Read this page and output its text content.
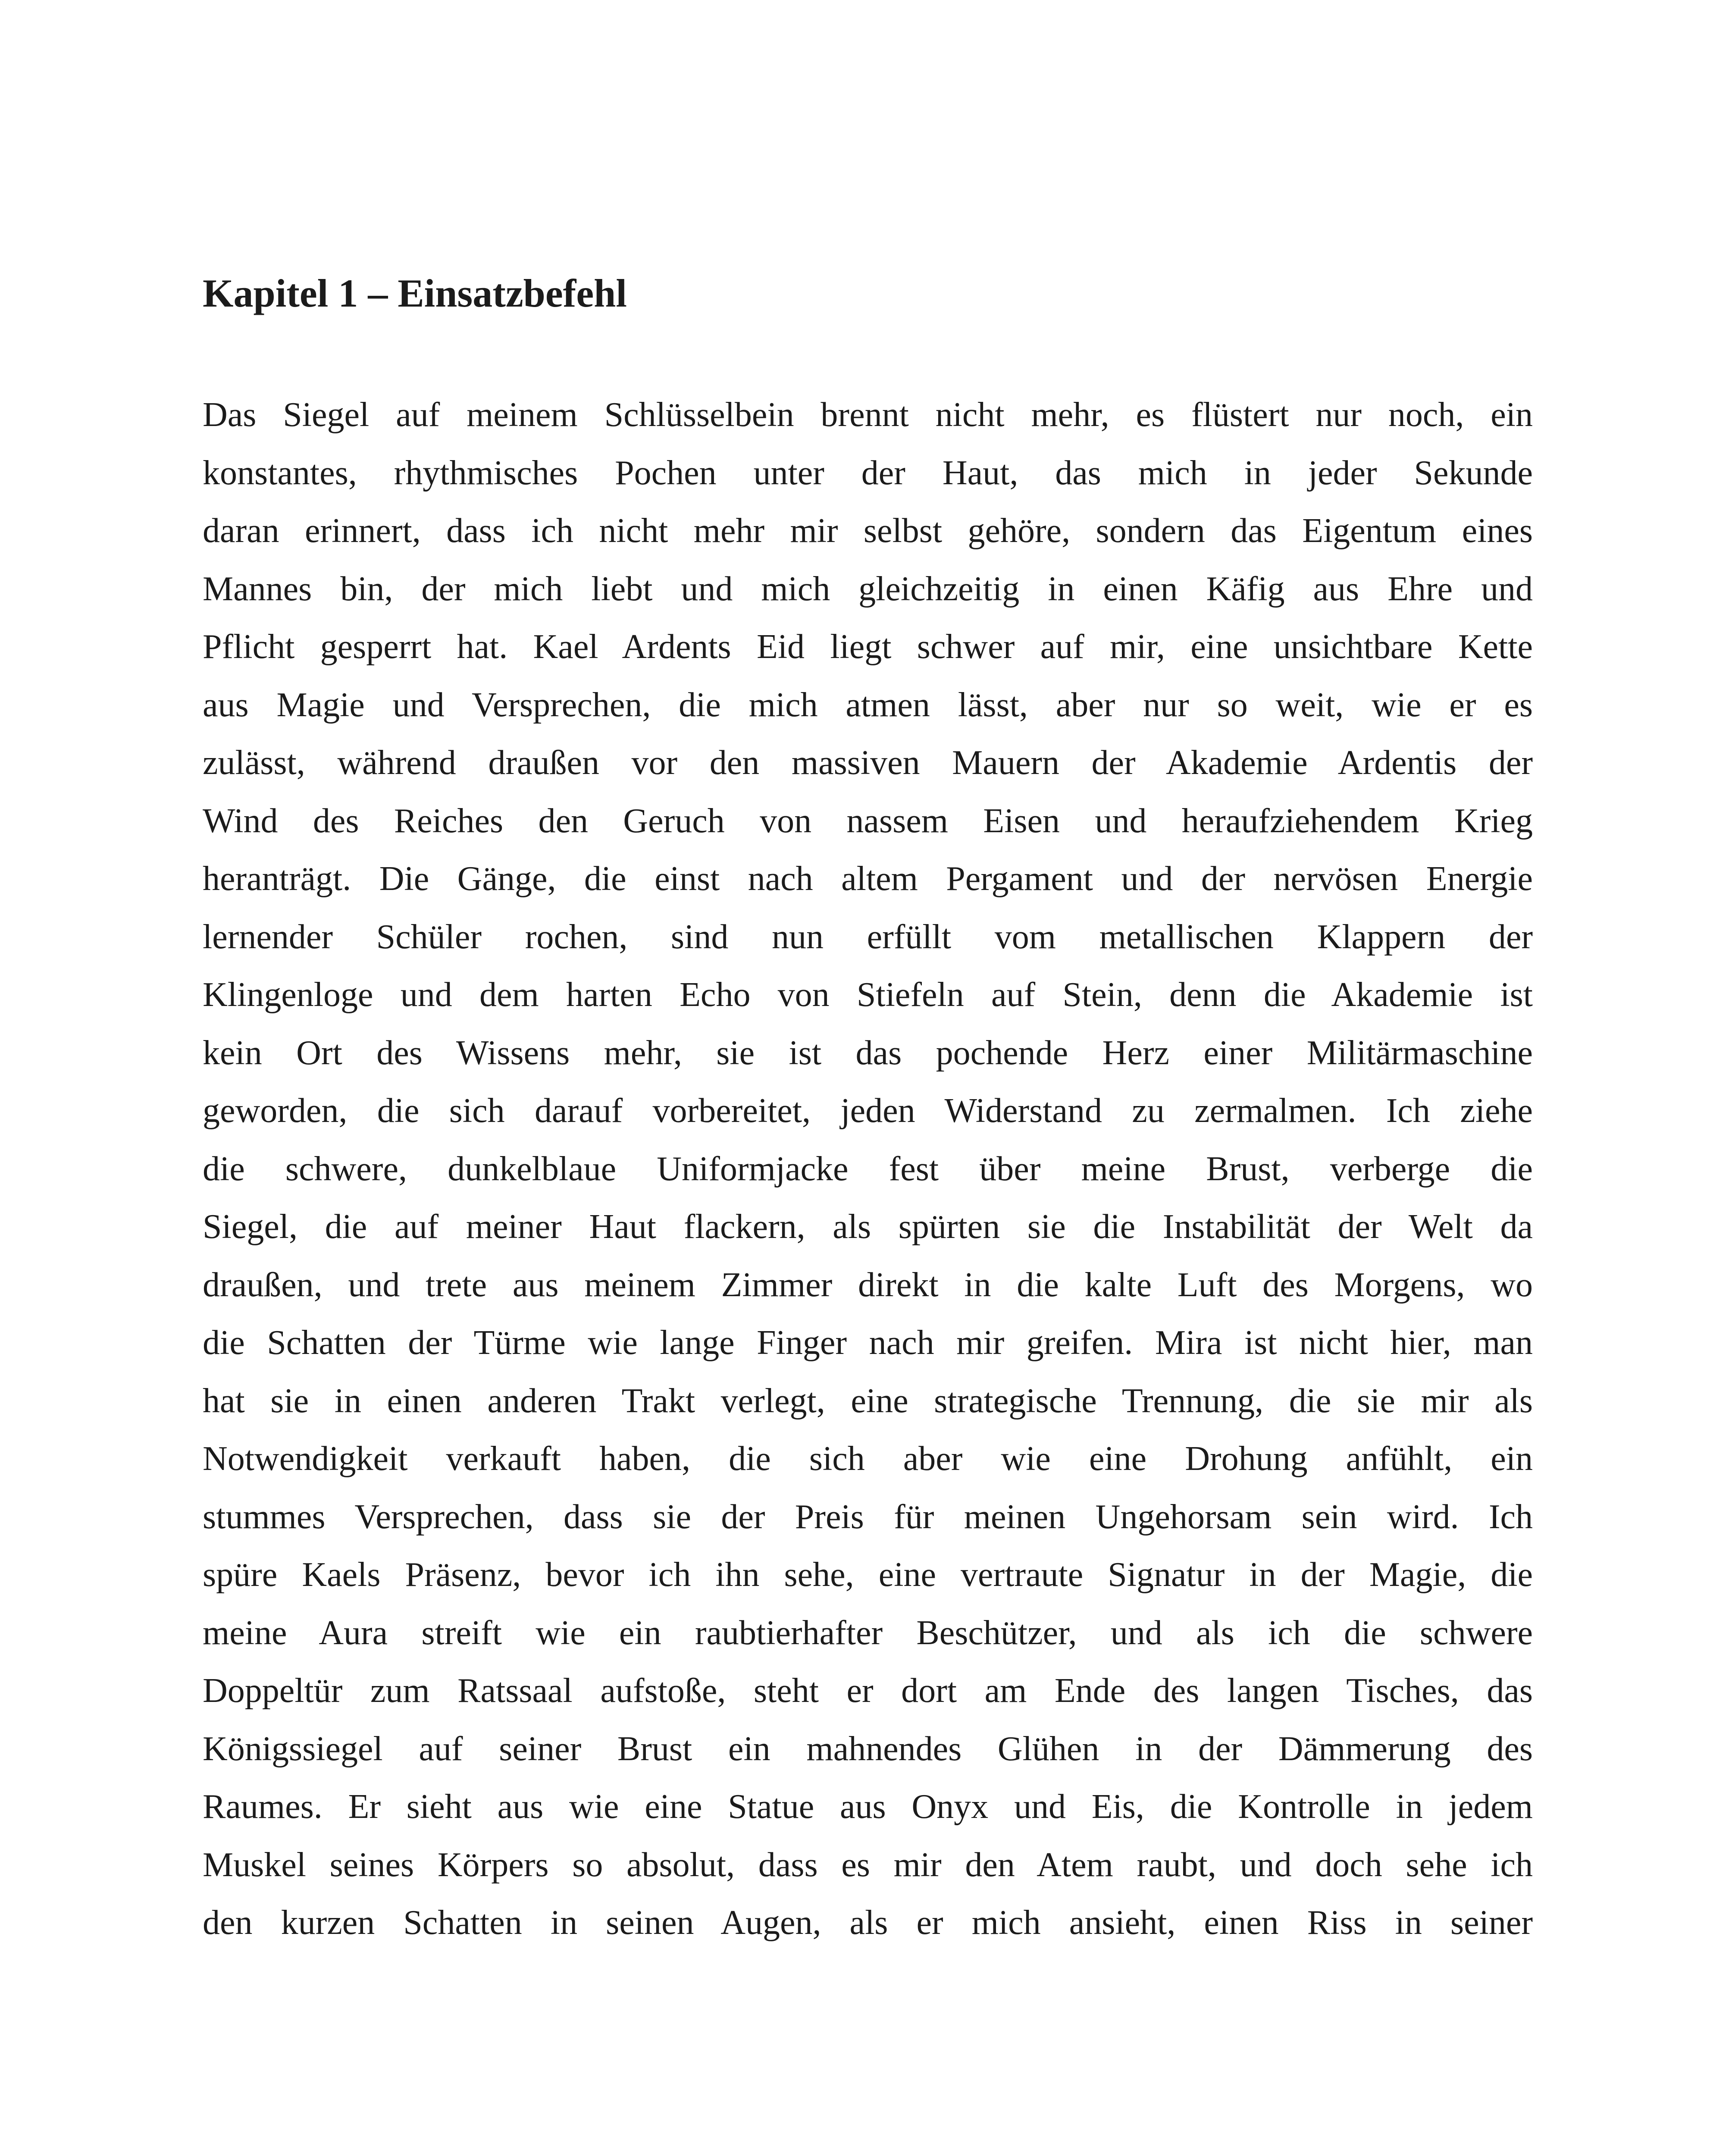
Kapitel 1 – Einsatzbefehl
Das Siegel auf meinem Schlüsselbein brennt nicht mehr, es flüstert nur noch, ein
konstantes, rhythmisches Pochen unter der Haut, das mich in jeder Sekunde
daran erinnert, dass ich nicht mehr mir selbst gehöre, sondern das Eigentum eines
Mannes bin, der mich liebt und mich gleichzeitig in einen Käfig aus Ehre und
Pflicht gesperrt hat. Kael Ardents Eid liegt schwer auf mir, eine unsichtbare Kette
aus Magie und Versprechen, die mich atmen lässt, aber nur so weit, wie er es
zulässt, während draußen vor den massiven Mauern der Akademie Ardentis der
Wind des Reiches den Geruch von nassem Eisen und heraufziehendem Krieg
heranträgt. Die Gänge, die einst nach altem Pergament und der nervösen Energie
lernender Schüler rochen, sind nun erfüllt vom metallischen Klappern der
Klingenloge und dem harten Echo von Stiefeln auf Stein, denn die Akademie ist
kein Ort des Wissens mehr, sie ist das pochende Herz einer Militärmaschine
geworden, die sich darauf vorbereitet, jeden Widerstand zu zermalmen. Ich ziehe
die schwere, dunkelblaue Uniformjacke fest über meine Brust, verberge die
Siegel, die auf meiner Haut flackern, als spürten sie die Instabilität der Welt da
draußen, und trete aus meinem Zimmer direkt in die kalte Luft des Morgens, wo
die Schatten der Türme wie lange Finger nach mir greifen. Mira ist nicht hier, man
hat sie in einen anderen Trakt verlegt, eine strategische Trennung, die sie mir als
Notwendigkeit verkauft haben, die sich aber wie eine Drohung anfühlt, ein
stummes Versprechen, dass sie der Preis für meinen Ungehorsam sein wird. Ich
spüre Kaels Präsenz, bevor ich ihn sehe, eine vertraute Signatur in der Magie, die
meine Aura streift wie ein raubtierhafter Beschützer, und als ich die schwere
Doppeltür zum Ratssaal aufstoße, steht er dort am Ende des langen Tisches, das
Königssiegel auf seiner Brust ein mahnendes Glühen in der Dämmerung des
Raumes. Er sieht aus wie eine Statue aus Onyx und Eis, die Kontrolle in jedem
Muskel seines Körpers so absolut, dass es mir den Atem raubt, und doch sehe ich
den kurzen Schatten in seinen Augen, als er mich ansieht, einen Riss in seiner
